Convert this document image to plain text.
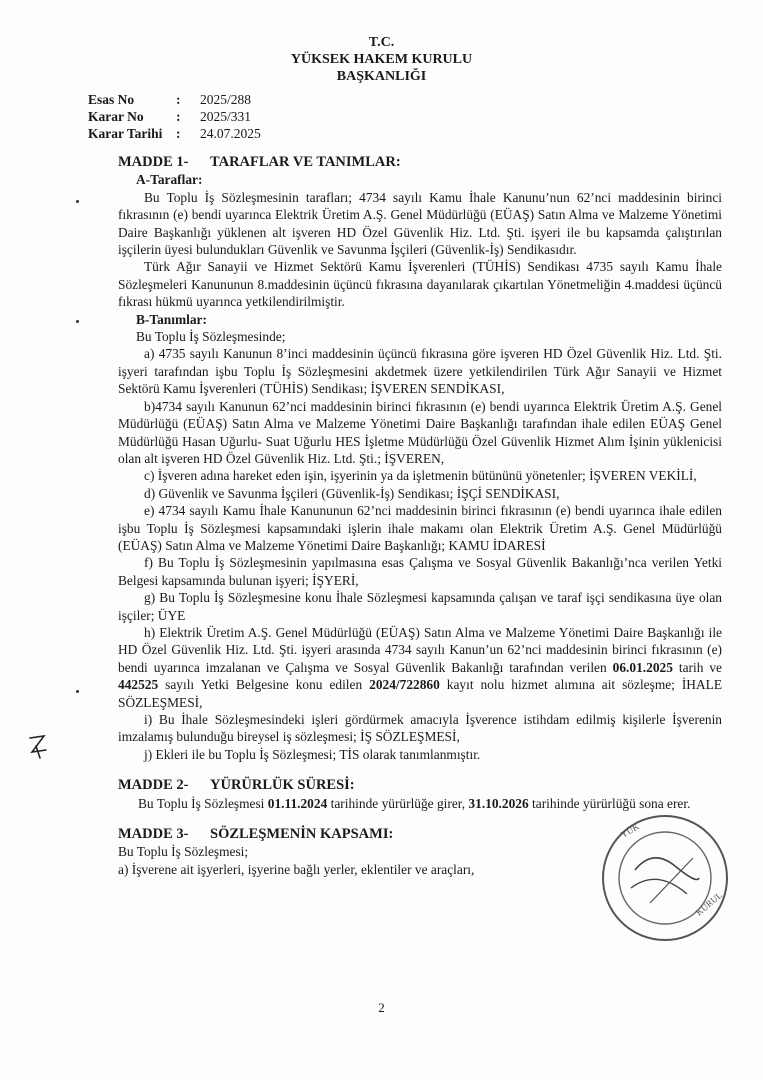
T.C.
YÜKSEK HAKEM KURULU
BAŞKANLIĞI
Esas No	:	2025/288
Karar No	:	2025/331
Karar Tarihi	:	24.07.2025

MADDE 1- TARAFLAR VE TANIMLAR:

A-Taraflar:

Bu Toplu İş Sözleşmesinin tarafları; 4734 sayılı Kamu İhale Kanunu’nun 62’nci maddesinin birinci fıkrasının (e) bendi uyarınca Elektrik Üretim A.Ş. Genel Müdürlüğü (EÜAŞ) Satın Alma ve Malzeme Yönetimi Daire Başkanlığı yüklenen alt işveren HD Özel Güvenlik Hiz. Ltd. Şti. işyeri ile bu kapsamda çalıştırılan işçilerin üyesi bulundukları Güvenlik ve Savunma İşçileri (Güvenlik-İş) Sendikasıdır.

Türk Ağır Sanayii ve Hizmet Sektörü Kamu İşverenleri (TÜHİS) Sendikası 4735 sayılı Kamu İhale Sözleşmeleri Kanununun 8.maddesinin üçüncü fıkrasına dayanılarak çıkartılan Yönetmeliğin 4.maddesi üçüncü fıkrası hükmü uyarınca yetkilendirilmiştir.

B-Tanımlar:

Bu Toplu İş Sözleşmesinde;

a) 4735 sayılı Kanunun 8’inci maddesinin üçüncü fıkrasına göre işveren HD Özel Güvenlik Hiz. Ltd. Şti. işyeri tarafından işbu Toplu İş Sözleşmesini akdetmek üzere yetkilendirilen Türk Ağır Sanayii ve Hizmet Sektörü Kamu İşverenleri (TÜHİS) Sendikası; İŞVEREN SENDİKASI,

b)4734 sayılı Kanunun 62’nci maddesinin birinci fıkrasının (e) bendi uyarınca Elektrik Üretim A.Ş. Genel Müdürlüğü (EÜAŞ) Satın Alma ve Malzeme Yönetimi Daire Başkanlığı tarafından ihale edilen EÜAŞ Genel Müdürlüğü Hasan Uğurlu- Suat Uğurlu HES İşletme Müdürlüğü Özel Güvenlik Hizmet Alım İşinin yüklenicisi olan alt işveren HD Özel Güvenlik Hiz. Ltd. Şti.; İŞVEREN,

c) İşveren adına hareket eden işin, işyerinin ya da işletmenin bütününü yönetenler; İŞVEREN VEKİLİ,

d) Güvenlik ve Savunma İşçileri (Güvenlik-İş) Sendikası; İŞÇİ SENDİKASI,

e) 4734 sayılı Kamu İhale Kanununun 62’nci maddesinin birinci fıkrasının (e) bendi uyarınca ihale edilen işbu Toplu İş Sözleşmesi kapsamındaki işlerin ihale makamı olan Elektrik Üretim A.Ş. Genel Müdürlüğü (EÜAŞ) Satın Alma ve Malzeme Yönetimi Daire Başkanlığı; KAMU İDARESİ

f) Bu Toplu İş Sözleşmesinin yapılmasına esas Çalışma ve Sosyal Güvenlik Bakanlığı’nca verilen Yetki Belgesi kapsamında bulunan işyeri; İŞYERİ,

g) Bu Toplu İş Sözleşmesine konu İhale Sözleşmesi kapsamında çalışan ve taraf işçi sendikasına üye olan işçiler; ÜYE

h) Elektrik Üretim A.Ş. Genel Müdürlüğü (EÜAŞ) Satın Alma ve Malzeme Yönetimi Daire Başkanlığı ile HD Özel Güvenlik Hiz. Ltd. Şti. işyeri arasında 4734 sayılı Kanun’un 62’nci maddesinin birinci fıkrasının (e) bendi uyarınca imzalanan ve Çalışma ve Sosyal Güvenlik Bakanlığı tarafından verilen 06.01.2025 tarih ve 442525 sayılı Yetki Belgesine konu edilen 2024/722860 kayıt nolu hizmet alımına ait sözleşme; İHALE SÖZLEŞMESİ,

i) Bu İhale Sözleşmesindeki işleri gördürmek amacıyla İşverence istihdam edilmiş kişilerle İşverenin imzalamış bulunduğu bireysel iş sözleşmesi; İŞ SÖZLEŞMESİ,

j) Ekleri ile bu Toplu İş Sözleşmesi; TİS olarak tanımlanmıştır.

MADDE 2- YÜRÜRLÜK SÜRESİ:

Bu Toplu İş Sözleşmesi 01.11.2024 tarihinde yürürlüğe girer, 31.10.2026 tarihinde yürürlüğü sona erer.

MADDE 3- SÖZLEŞMENİN KAPSAMI:

Bu Toplu İş Sözleşmesi;

a) İşverene ait işyerleri, işyerine bağlı yerler, eklentiler ve araçları,

2
KURUL
YÜK
